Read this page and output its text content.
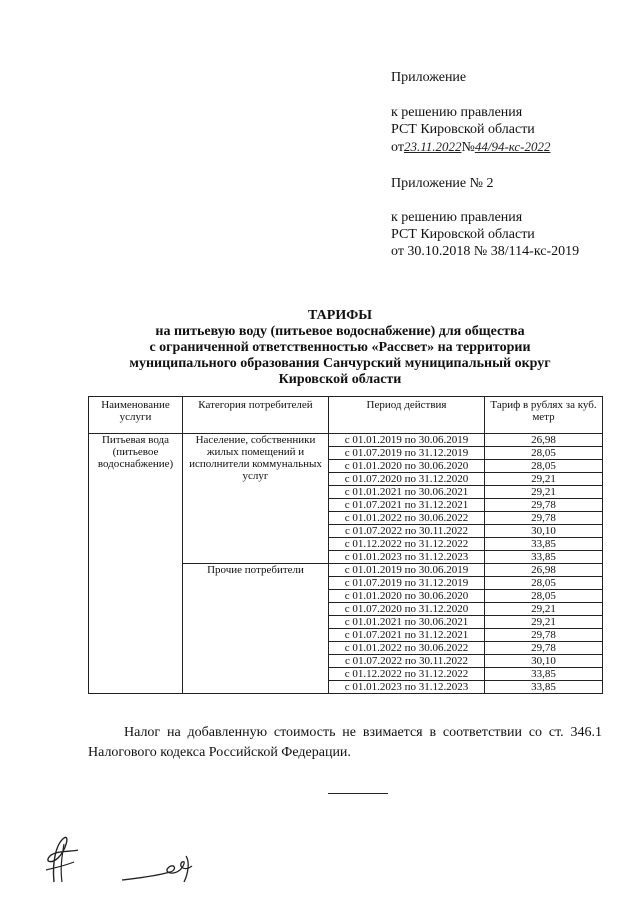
Приложение
к решению правления
РСТ Кировской области
от23.11.2022№44/94-кс-2022
Приложение № 2
к решению правления
РСТ Кировской области
от 30.10.2018 № 38/114-кс-2019
ТАРИФЫ
на питьевую воду (питьевое водоснабжение) для общества
с ограниченной ответственностью «Рассвет» на территории
муниципального образования Санчурский муниципальный округ
Кировской области
Наименование услуги	Категория потребителей	Период действия	Тариф в рублях за куб. метр
Питьевая вода (питьевое водоснабжение)	Население, собственники жилых помещений и исполнители коммунальных услуг	с 01.01.2019 по 30.06.2019	26,98
		с 01.07.2019 по 31.12.2019	28,05
		с 01.01.2020 по 30.06.2020	28,05
		с 01.07.2020 по 31.12.2020	29,21
		с 01.01.2021 по 30.06.2021	29,21
		с 01.07.2021 по 31.12.2021	29,78
		с 01.01.2022 по 30.06.2022	29,78
		с 01.07.2022 по 30.11.2022	30,10
		с 01.12.2022 по 31.12.2022	33,85
		с 01.01.2023 по 31.12.2023	33,85
	Прочие потребители	с 01.01.2019 по 30.06.2019	26,98
		с 01.07.2019 по 31.12.2019	28,05
		с 01.01.2020 по 30.06.2020	28,05
		с 01.07.2020 по 31.12.2020	29,21
		с 01.01.2021 по 30.06.2021	29,21
		с 01.07.2021 по 31.12.2021	29,78
		с 01.01.2022 по 30.06.2022	29,78
		с 01.07.2022 по 30.11.2022	30,10
		с 01.12.2022 по 31.12.2022	33,85
		с 01.01.2023 по 31.12.2023	33,85
Налог на добавленную стоимость не взимается в соответствии со ст. 346.1 Налогового кодекса Российской Федерации.
